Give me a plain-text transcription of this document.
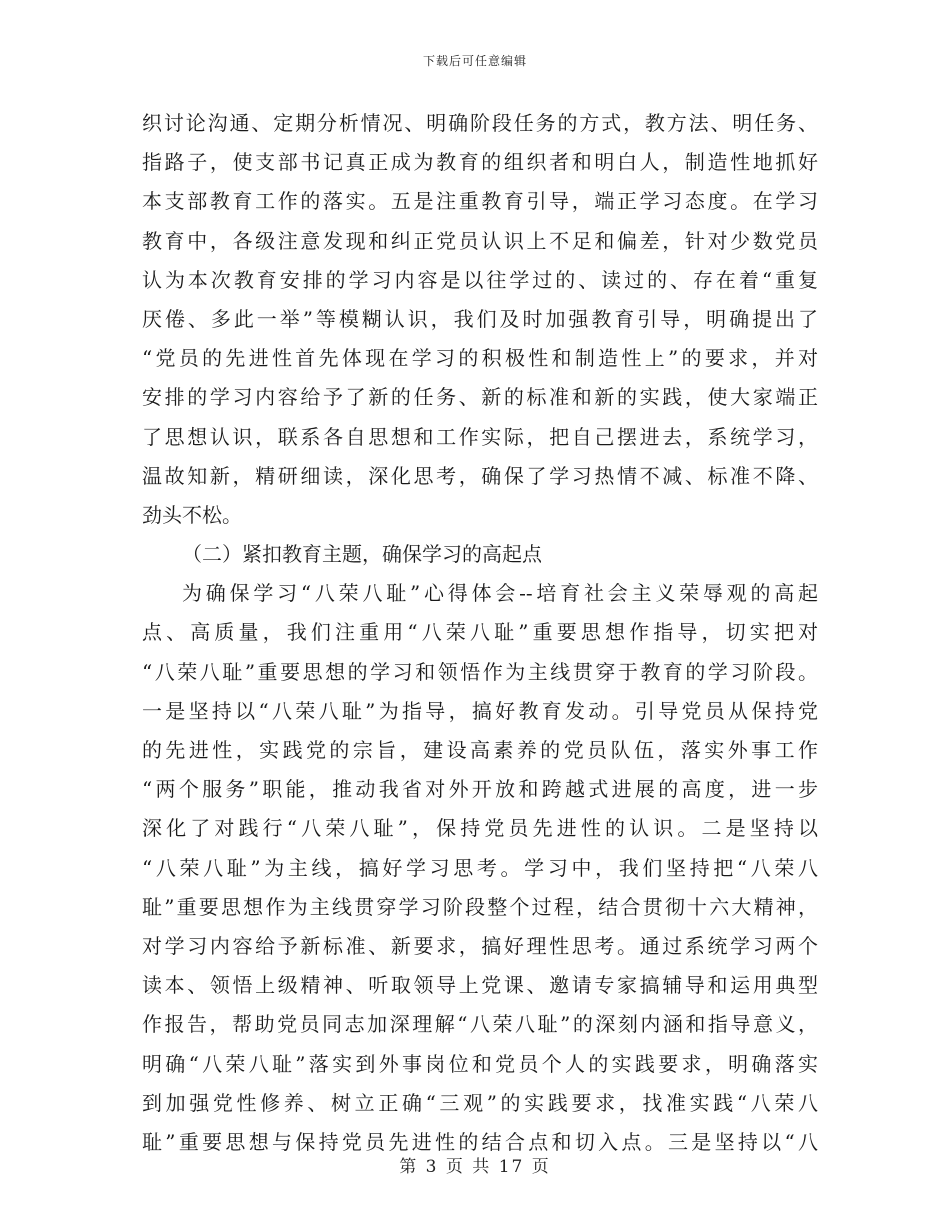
下载后可任意编辑
织讨论沟通、定期分析情况、明确阶段任务的方式，教方法、明任务、
指路子，使支部书记真正成为教育的组织者和明白人，制造性地抓好
本支部教育工作的落实。五是注重教育引导，端正学习态度。在学习
教育中，各级注意发现和纠正党员认识上不足和偏差，针对少数党员
认为本次教育安排的学习内容是以往学过的、读过的、存在着“重复
厌倦、多此一举”等模糊认识，我们及时加强教育引导，明确提出了
“党员的先进性首先体现在学习的积极性和制造性上”的要求，并对
安排的学习内容给予了新的任务、新的标准和新的实践，使大家端正
了思想认识，联系各自思想和工作实际，把自己摆进去，系统学习，
温故知新，精研细读，深化思考，确保了学习热情不减、标准不降、
劲头不松。
（二）紧扣教育主题，确保学习的高起点
为确保学习“八荣八耻”心得体会--培育社会主义荣辱观的高起
点、高质量，我们注重用“八荣八耻”重要思想作指导，切实把对
“八荣八耻”重要思想的学习和领悟作为主线贯穿于教育的学习阶段。
一是坚持以“八荣八耻”为指导，搞好教育发动。引导党员从保持党
的先进性，实践党的宗旨，建设高素养的党员队伍，落实外事工作
“两个服务”职能，推动我省对外开放和跨越式进展的高度，进一步
深化了对践行“八荣八耻”，保持党员先进性的认识。二是坚持以
“八荣八耻”为主线，搞好学习思考。学习中，我们坚持把“八荣八
耻”重要思想作为主线贯穿学习阶段整个过程，结合贯彻十六大精神，
对学习内容给予新标准、新要求，搞好理性思考。通过系统学习两个
读本、领悟上级精神、听取领导上党课、邀请专家搞辅导和运用典型
作报告，帮助党员同志加深理解“八荣八耻”的深刻内涵和指导意义，
明确“八荣八耻”落实到外事岗位和党员个人的实践要求，明确落实
到加强党性修养、树立正确“三观”的实践要求，找准实践“八荣八
耻”重要思想与保持党员先进性的结合点和切入点。三是坚持以“八
第 3 页 共 17 页
